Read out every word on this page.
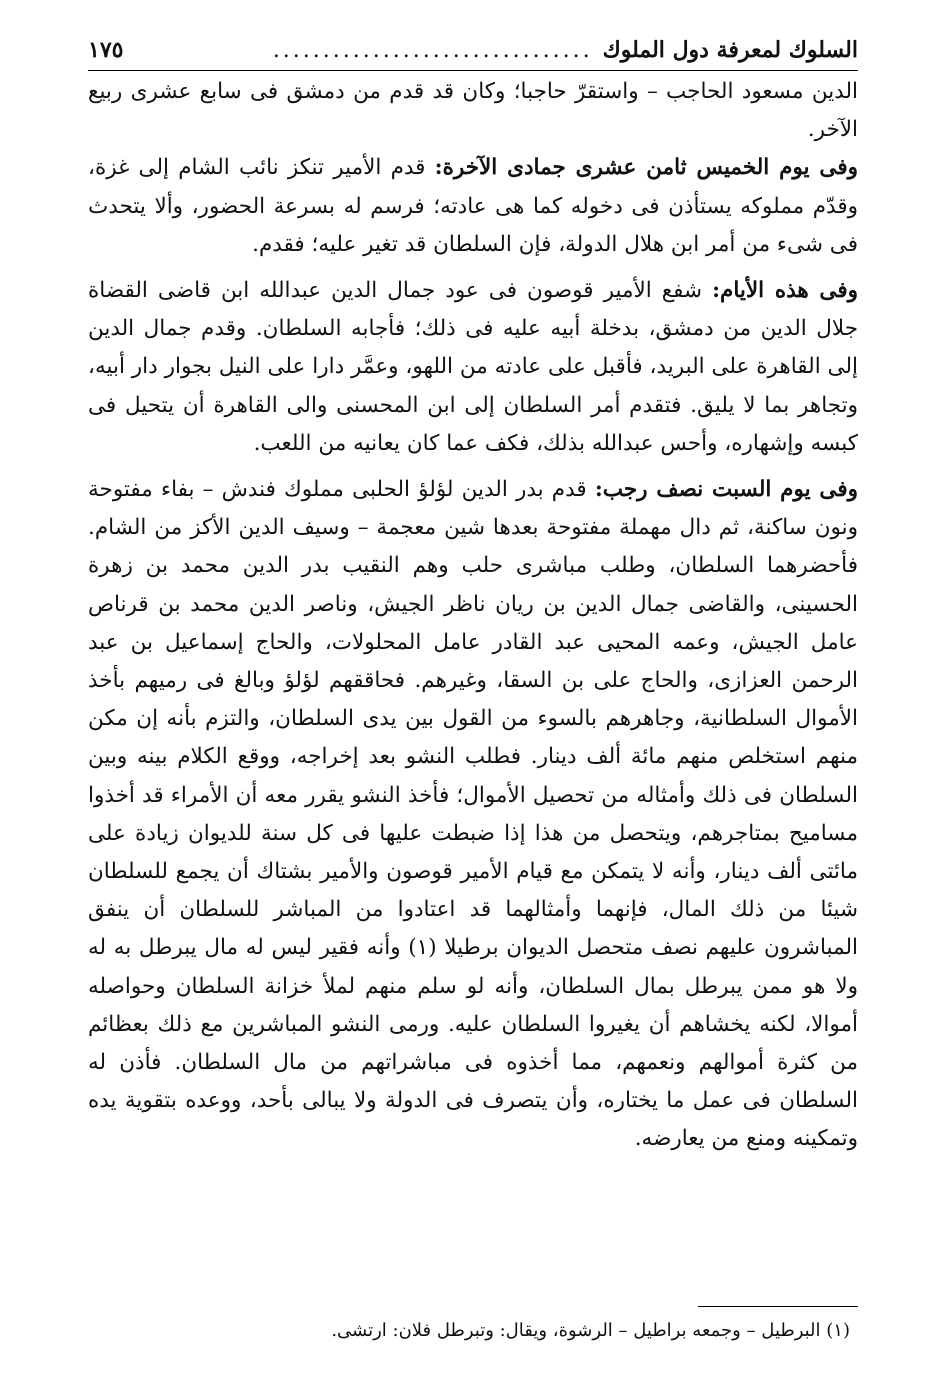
السلوك لمعرفة دول الملوك
................................
١٧٥

الدين مسعود الحاجب – واستقرّ حاجبا؛ وكان قد قدم من دمشق فى سابع عشرى ربيع الآخر.

وفى يوم الخميس ثامن عشرى جمادى الآخرة: قدم الأمير تنكز نائب الشام إلى غزة، وقدّم مملوكه يستأذن فى دخوله كما هى عادته؛ فرسم له بسرعة الحضور، وألا يتحدث فى شىء من أمر ابن هلال الدولة، فإن السلطان قد تغير عليه؛ فقدم.

وفى هذه الأيام: شفع الأمير قوصون فى عود جمال الدين عبدالله ابن قاضى القضاة جلال الدين من دمشق، بدخلة أبيه عليه فى ذلك؛ فأجابه السلطان. وقدم جمال الدين إلى القاهرة على البريد، فأقبل على عادته من اللهو، وعمَّر دارا على النيل بجوار دار أبيه، وتجاهر بما لا يليق. فتقدم أمر السلطان إلى ابن المحسنى والى القاهرة أن يتحيل فى كبسه وإشهاره، وأحس عبدالله بذلك، فكف عما كان يعانيه من اللعب.

وفى يوم السبت نصف رجب: قدم بدر الدين لؤلؤ الحلبى مملوك فندش – بفاء مفتوحة ونون ساكنة، ثم دال مهملة مفتوحة بعدها شين معجمة – وسيف الدين الأكز من الشام. فأحضرهما السلطان، وطلب مباشرى حلب وهم النقيب بدر الدين محمد بن زهرة الحسينى، والقاضى جمال الدين بن ريان ناظر الجيش، وناصر الدين محمد بن قرناص عامل الجيش، وعمه المحيى عبد القادر عامل المحلولات، والحاج إسماعيل بن عبد الرحمن العزازى، والحاج على بن السقا، وغيرهم. فحاققهم لؤلؤ وبالغ فى رميهم بأخذ الأموال السلطانية، وجاهرهم بالسوء من القول بين يدى السلطان، والتزم بأنه إن مكن منهم استخلص منهم مائة ألف دينار. فطلب النشو بعد إخراجه، ووقع الكلام بينه وبين السلطان فى ذلك وأمثاله من تحصيل الأموال؛ فأخذ النشو يقرر معه أن الأمراء قد أخذوا مساميح بمتاجرهم، ويتحصل من هذا إذا ضبطت عليها فى كل سنة للديوان زيادة على مائتى ألف دينار، وأنه لا يتمكن مع قيام الأمير قوصون والأمير بشتاك أن يجمع للسلطان شيئا من ذلك المال، فإنهما وأمثالهما قد اعتادوا من المباشر للسلطان أن ينفق المباشرون عليهم نصف متحصل الديوان برطيلا (١) وأنه فقير ليس له مال يبرطل به له ولا هو ممن يبرطل بمال السلطان، وأنه لو سلم منهم لملأ خزانة السلطان وحواصله أموالا، لكنه يخشاهم أن يغيروا السلطان عليه. ورمى النشو المباشرين مع ذلك بعظائم من كثرة أموالهم ونعمهم، مما أخذوه فى مباشراتهم من مال السلطان. فأذن له السلطان فى عمل ما يختاره، وأن يتصرف فى الدولة ولا يبالى بأحد، ووعده بتقوية يده وتمكينه ومنع من يعارضه.

(١) البرطيل – وجمعه براطيل – الرشوة، ويقال: وتبرطل فلان: ارتشى.
